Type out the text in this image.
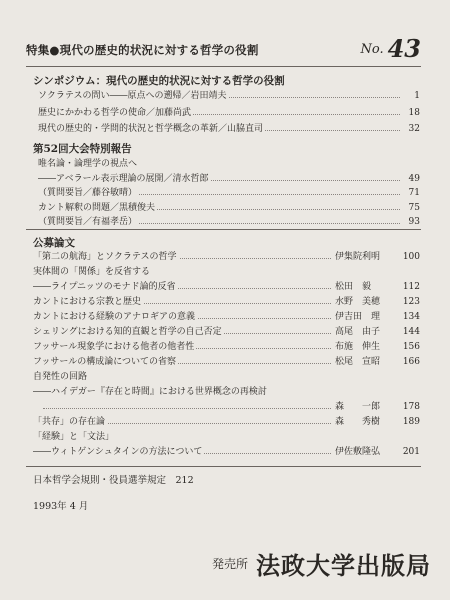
特集●現代の歴史的状況に対する哲学の役割	$^{No.}$ 43
シンポジウム：現代の歴史的状況に対する哲学の役割
ソクラテスの問い――原点への遡帰／岩田靖夫	1
歴史にかかわる哲学の使命／加藤尚武	18
現代の歴史的・学問的状況と哲学概念の革新／山脇直司	32
第52回大会特別報告
唯名論・論理学の視点へ
――アベラール表示理論の展開／清水哲郎	49
（質問要旨／藤谷敏晴）	71
カント解釈の問題／黒積俊夫	75
（質問要旨／有福孝岳）	93
公募論文
「第二の航海」とソクラテスの哲学	伊集院利明	100
実体間の「関係」を反省する
――ライプニッツのモナド論的反省	松田　毅	112
カントにおける宗教と歴史	水野　美穂	123
カントにおける経験のアナロギアの意義	伊吉田　理	134
シェリングにおける知的直観と哲学の自己否定	高尾　由子	144
フッサール現象学における他者の他者性	布施　伸生	156
フッサールの構成論についての省察	松尾　宣昭	166
自発性の回路
――ハイデガー『存在と時間』における世界概念の再検討
森　　一郎	178
「共存」の存在論	森　　秀樹	189
「経験」と「文法」
――ウィトゲンシュタインの方法について	伊佐敷隆弘	201
日本哲学会規則・役員選挙規定　212
1993年 4 月
発売所 法政大学出版局
